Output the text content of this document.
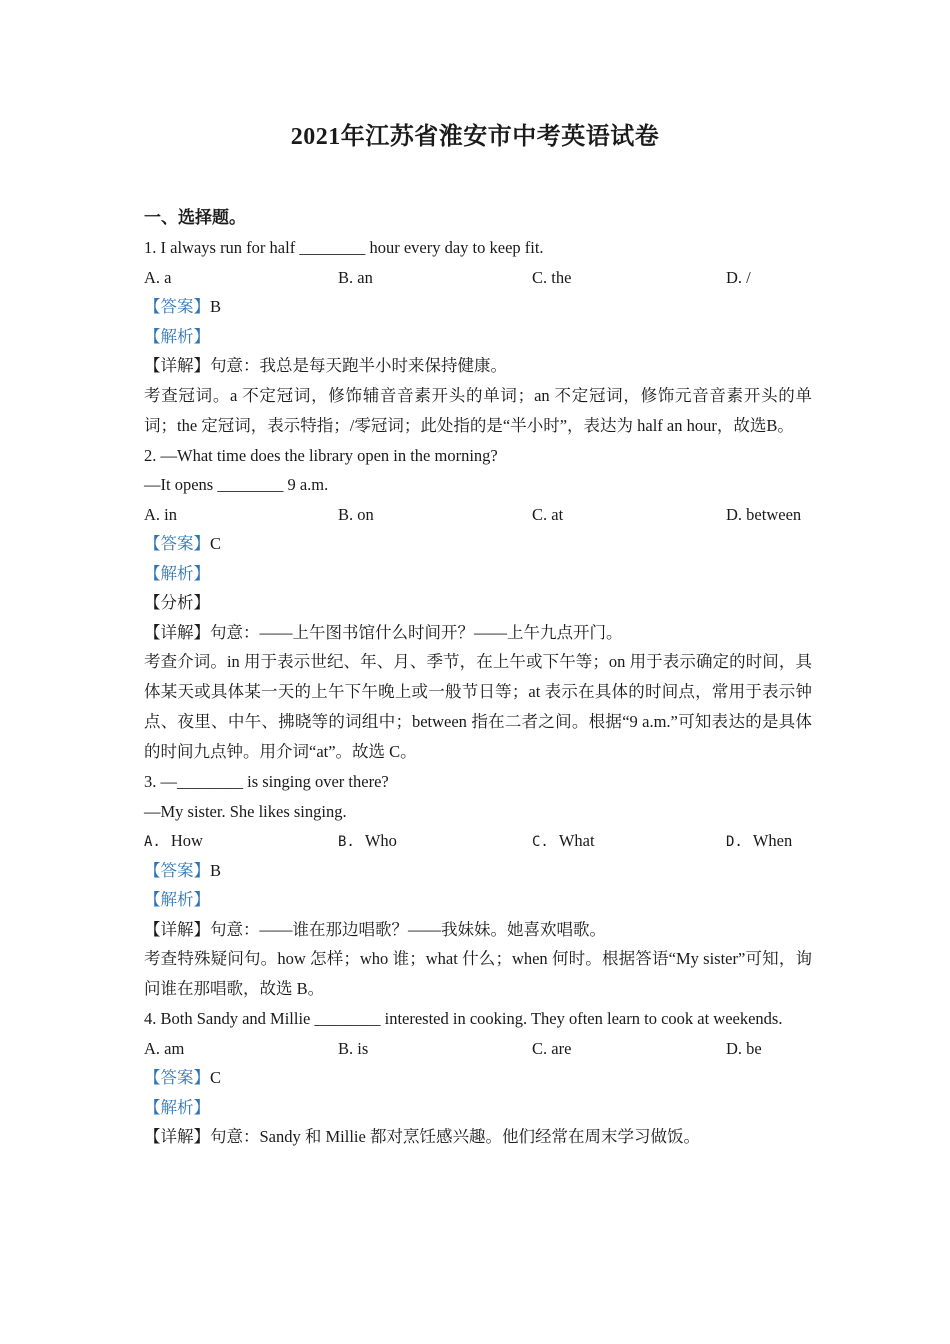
2021年江苏省淮安市中考英语试卷
一、选择题。
1. I always run for half ________ hour every day to keep fit.
A. a	B. an	C. the	D. /
【答案】B
【解析】
【详解】句意：我总是每天跑半小时来保持健康。
考查冠词。a 不定冠词，修饰辅音音素开头的单词；an 不定冠词，修饰元音音素开头的单词；the 定冠词，表示特指；/零冠词；此处指的是“半小时”，表达为 half an hour，故选B。
2. —What time does the library open in the morning?
—It opens ________ 9 a.m.
A. in	B. on	C. at	D. between
【答案】C
【解析】
【分析】
【详解】句意：——上午图书馆什么时间开？——上午九点开门。
考查介词。in 用于表示世纪、年、月、季节，在上午或下午等；on 用于表示确定的时间，具体某天或具体某一天的上午下午晚上或一般节日等；at 表示在具体的时间点，常用于表示钟点、夜里、中午、拂晓等的词组中；between 指在二者之间。根据“9 a.m.”可知表达的是具体的时间九点钟。用介词“at”。故选 C。
3. —________ is singing over there?
—My sister. She likes singing.
A. How	B. Who	C. What	D. When
【答案】B
【解析】
【详解】句意：——谁在那边唱歌？——我妹妹。她喜欢唱歌。
考查特殊疑问句。how 怎样；who 谁；what 什么；when 何时。根据答语“My sister”可知，询问谁在那唱歌，故选 B。
4. Both Sandy and Millie ________ interested in cooking. They often learn to cook at weekends.
A. am	B. is	C. are	D. be
【答案】C
【解析】
【详解】句意：Sandy 和 Millie 都对烹饪感兴趣。他们经常在周末学习做饭。
